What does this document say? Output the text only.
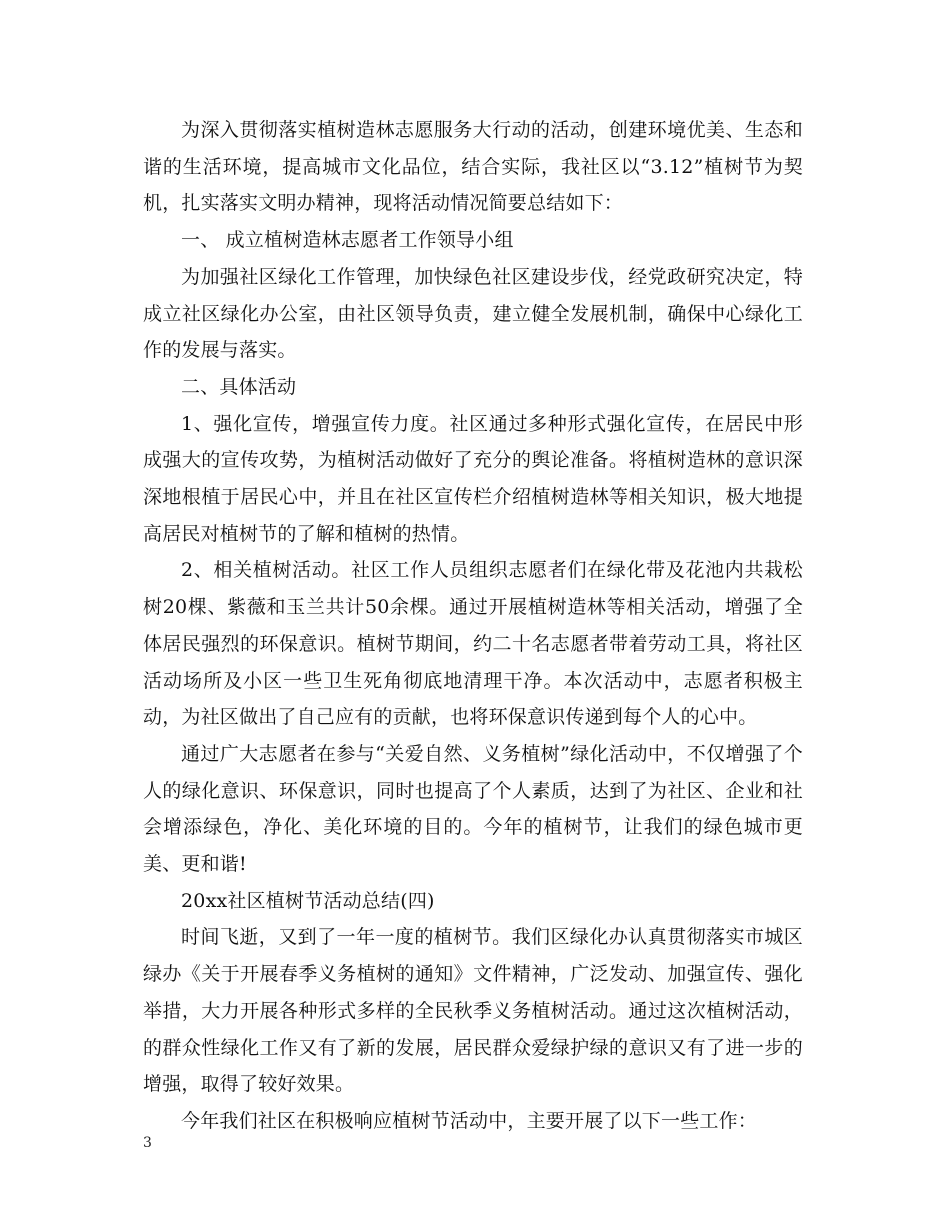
为深入贯彻落实植树造林志愿服务大行动的活动，创建环境优美、生态和谐的生活环境，提高城市文化品位，结合实际，我社区以“3.12”植树节为契机，扎实落实文明办精神，现将活动情况简要总结如下：

一、 成立植树造林志愿者工作领导小组

为加强社区绿化工作管理，加快绿色社区建设步伐，经党政研究决定，特成立社区绿化办公室，由社区领导负责，建立健全发展机制，确保中心绿化工作的发展与落实。

二、具体活动

1、强化宣传，增强宣传力度。社区通过多种形式强化宣传，在居民中形成强大的宣传攻势，为植树活动做好了充分的舆论准备。将植树造林的意识深深地根植于居民心中，并且在社区宣传栏介绍植树造林等相关知识，极大地提高居民对植树节的了解和植树的热情。

2、相关植树活动。社区工作人员组织志愿者们在绿化带及花池内共栽松树20棵、紫薇和玉兰共计50余棵。通过开展植树造林等相关活动，增强了全体居民强烈的环保意识。植树节期间，约二十名志愿者带着劳动工具，将社区活动场所及小区一些卫生死角彻底地清理干净。本次活动中，志愿者积极主动，为社区做出了自己应有的贡献，也将环保意识传递到每个人的心中。

通过广大志愿者在参与“关爱自然、义务植树”绿化活动中，不仅增强了个人的绿化意识、环保意识，同时也提高了个人素质，达到了为社区、企业和社会增添绿色，净化、美化环境的目的。今年的植树节，让我们的绿色城市更美、更和谐!

20xx社区植树节活动总结(四)

时间飞逝，又到了一年一度的植树节。我们区绿化办认真贯彻落实市城区绿办《关于开展春季义务植树的通知》文件精神，广泛发动、加强宣传、强化举措，大力开展各种形式多样的全民秋季义务植树活动。通过这次植树活动，的群众性绿化工作又有了新的发展，居民群众爱绿护绿的意识又有了进一步的增强，取得了较好效果。

今年我们社区在积极响应植树节活动中，主要开展了以下一些工作：

3
